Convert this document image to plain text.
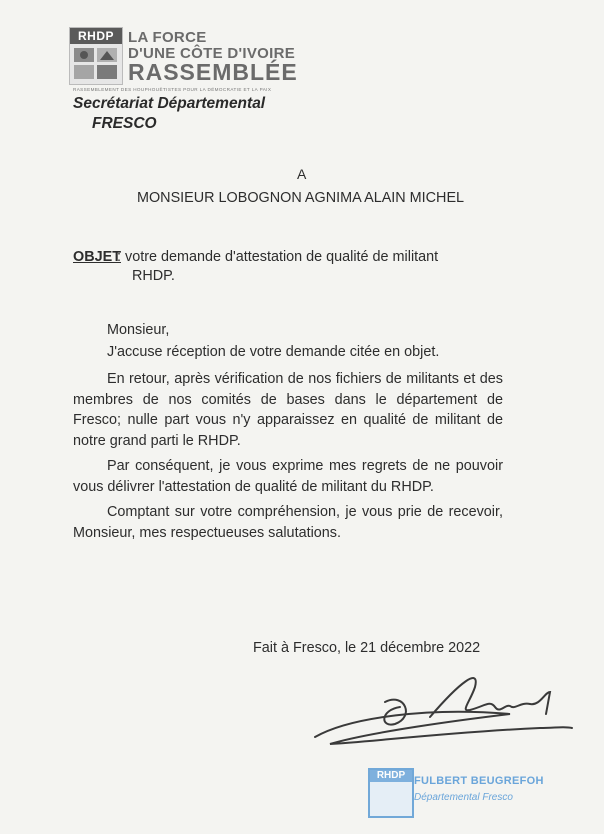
RHDP LA FORCE
D'UNE CÔTE D'IVOIRE
RASSEMBLÉE
RASSEMBLEMENT DES HOUPHOUËTISTES POUR LA DÉMOCRATIE ET LA PAIX
Secrétariat Départemental
FRESCO
A
MONSIEUR LOBOGNON AGNIMA ALAIN MICHEL
OBJET
: votre demande d'attestation de qualité de militant
RHDP.
Monsieur,
J'accuse réception de votre demande citée en objet.
En retour, après vérification de nos fichiers de militants et des membres de nos comités de bases dans le département de Fresco; nulle part vous n'y apparaissez en qualité de militant de notre grand parti le RHDP.
Par conséquent, je vous exprime mes regrets de ne pouvoir vous délivrer l'attestation de qualité de militant du RHDP.
Comptant sur votre compréhension, je vous prie de recevoir, Monsieur, mes respectueuses salutations.
Fait à Fresco, le 21 décembre 2022
RHDP FULBERT BEUGREFOH
Départemental Fresco
